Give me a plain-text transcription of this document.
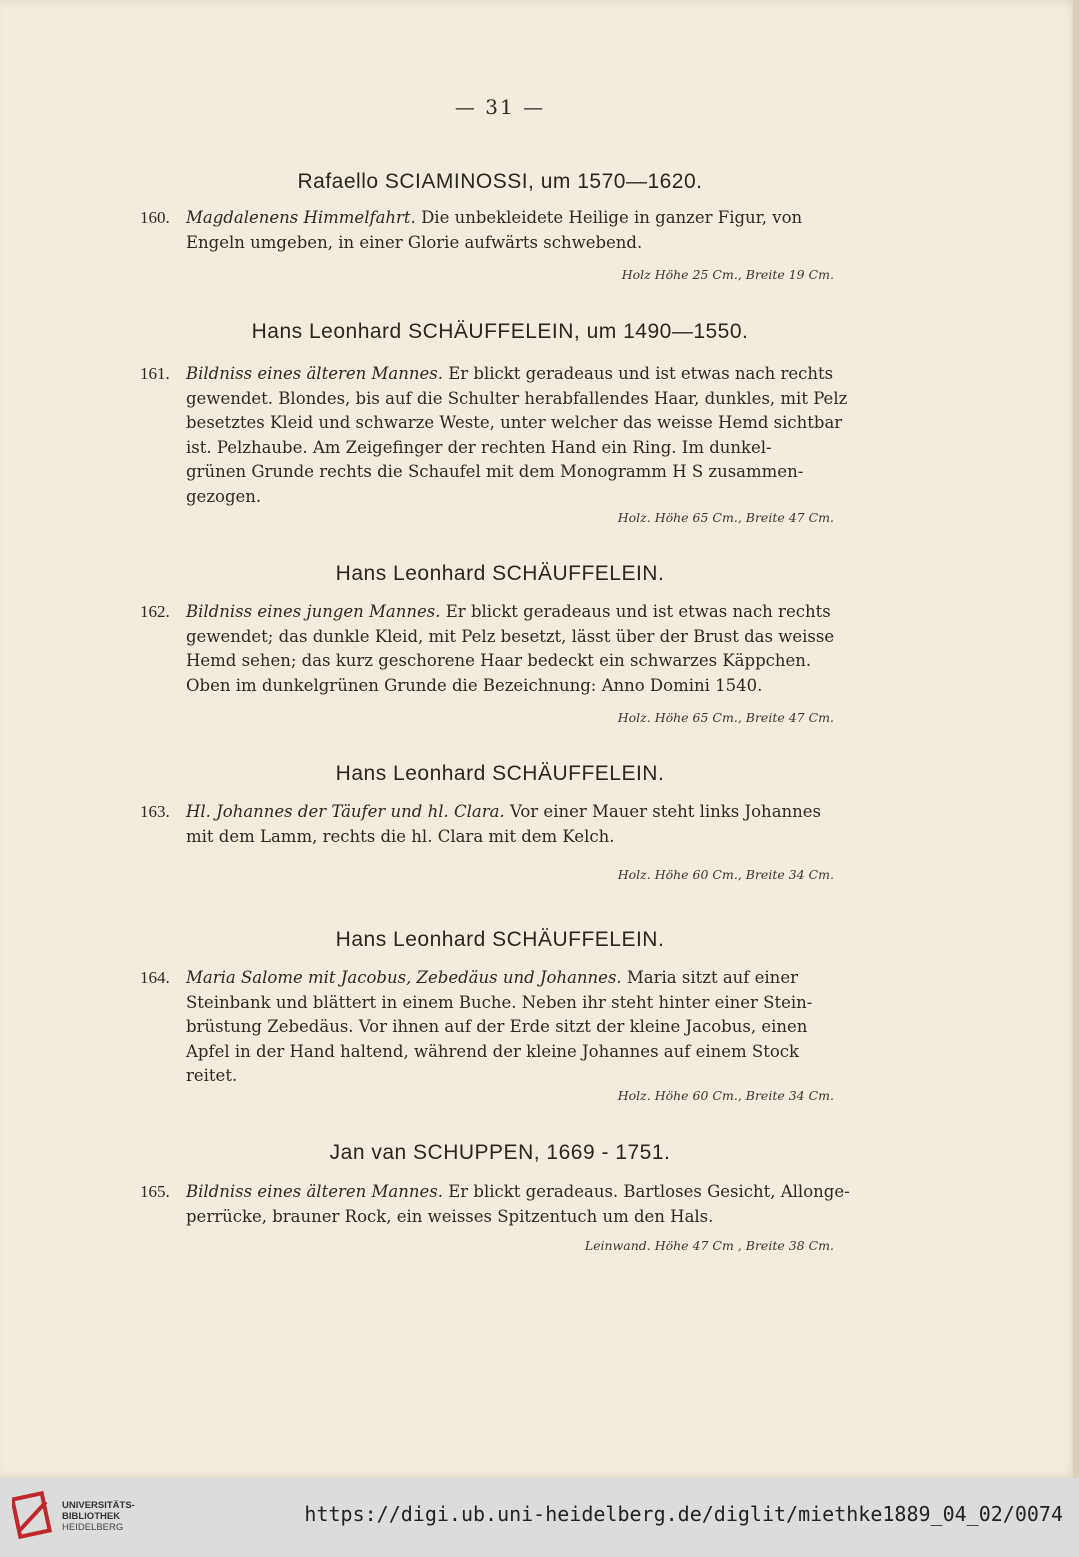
— 31 —
Rafaello SCIAMINOSSI, um 1570—1620.
160. Magdalenens Himmelfahrt. Die unbekleidete Heilige in ganzer Figur, von
Engeln umgeben, in einer Glorie aufwärts schwebend.
Holz Höhe 25 Cm., Breite 19 Cm.
Hans Leonhard SCHÄUFFELEIN, um 1490—1550.
161. Bildniss eines älteren Mannes. Er blickt geradeaus und ist etwas nach rechts
gewendet. Blondes, bis auf die Schulter herabfallendes Haar, dunkles, mit Pelz
besetztes Kleid und schwarze Weste, unter welcher das weisse Hemd sichtbar
ist. Pelzhaube. Am Zeigefinger der rechten Hand ein Ring. Im dunkel-
grünen Grunde rechts die Schaufel mit dem Monogramm H S zusammen-
gezogen.
Holz. Höhe 65 Cm., Breite 47 Cm.
Hans Leonhard SCHÄUFFELEIN.
162. Bildniss eines jungen Mannes. Er blickt geradeaus und ist etwas nach rechts
gewendet; das dunkle Kleid, mit Pelz besetzt, lässt über der Brust das weisse
Hemd sehen; das kurz geschorene Haar bedeckt ein schwarzes Käppchen.
Oben im dunkelgrünen Grunde die Bezeichnung: Anno Domini 1540.
Holz. Höhe 65 Cm., Breite 47 Cm.
Hans Leonhard SCHÄUFFELEIN.
163. Hl. Johannes der Täufer und hl. Clara. Vor einer Mauer steht links Johannes
mit dem Lamm, rechts die hl. Clara mit dem Kelch.
Holz. Höhe 60 Cm., Breite 34 Cm.
Hans Leonhard SCHÄUFFELEIN.
164. Maria Salome mit Jacobus, Zebedäus und Johannes. Maria sitzt auf einer
Steinbank und blättert in einem Buche. Neben ihr steht hinter einer Stein-
brüstung Zebedäus. Vor ihnen auf der Erde sitzt der kleine Jacobus, einen
Apfel in der Hand haltend, während der kleine Johannes auf einem Stock
reitet.
Holz. Höhe 60 Cm., Breite 34 Cm.
Jan van SCHUPPEN, 1669 - 1751.
165. Bildniss eines älteren Mannes. Er blickt geradeaus. Bartloses Gesicht, Allonge-
perrücke, brauner Rock, ein weisses Spitzentuch um den Hals.
Leinwand. Höhe 47 Cm , Breite 38 Cm.
UNIVERSITÄTS-
BIBLIOTHEK
HEIDELBERG
https://digi.ub.uni-heidelberg.de/diglit/miethke1889_04_02/0074
